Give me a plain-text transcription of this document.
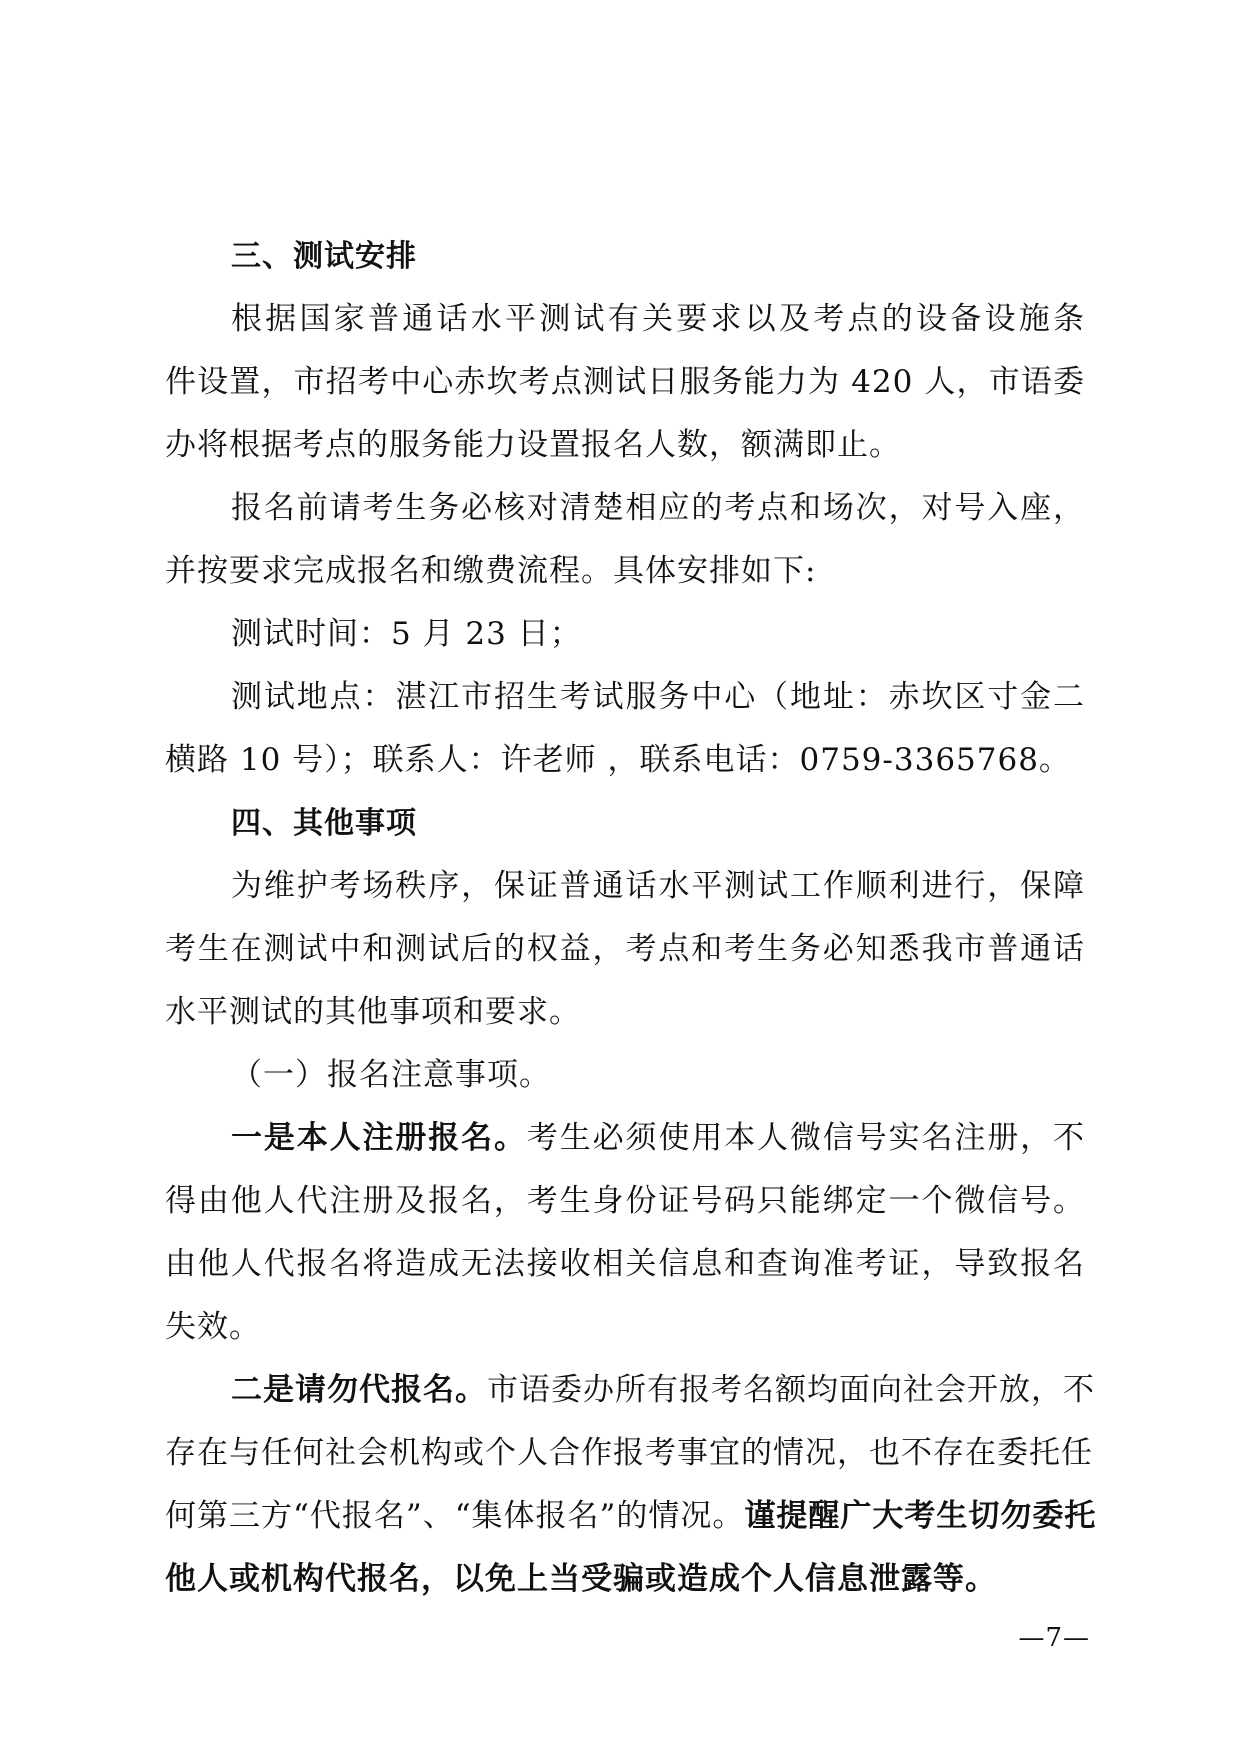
三、测试安排
根据国家普通话水平测试有关要求以及考点的设备设施条
件设置，市招考中心赤坎考点测试日服务能力为 420 人，市语委
办将根据考点的服务能力设置报名人数，额满即止。
报名前请考生务必核对清楚相应的考点和场次，对号入座，
并按要求完成报名和缴费流程。具体安排如下:
测试时间：5 月 23 日；
测试地点：湛江市招生考试服务中心（地址：赤坎区寸金二
横路 10 号）；联系人：许老师 ，联系电话：0759-3365768。
四、其他事项
为维护考场秩序，保证普通话水平测试工作顺利进行，保障
考生在测试中和测试后的权益，考点和考生务必知悉我市普通话
水平测试的其他事项和要求。
（一）报名注意事项。
一是本人注册报名。考生必须使用本人微信号实名注册，不
得由他人代注册及报名，考生身份证号码只能绑定一个微信号。
由他人代报名将造成无法接收相关信息和查询准考证，导致报名
失效。
二是请勿代报名。市语委办所有报考名额均面向社会开放，不
存在与任何社会机构或个人合作报考事宜的情况，也不存在委托任
何第三方“代报名”、“集体报名”的情况。谨提醒广大考生切勿委托
他人或机构代报名，以免上当受骗或造成个人信息泄露等。
—7—
